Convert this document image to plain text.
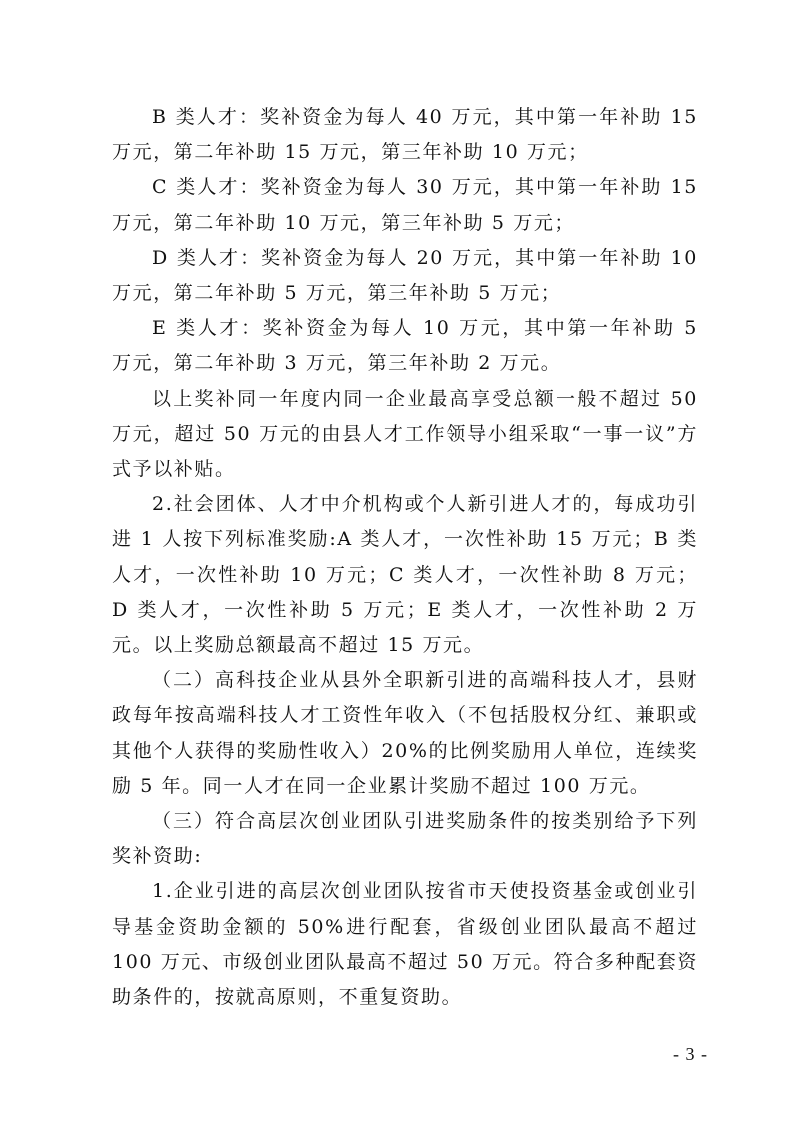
B 类人才：奖补资金为每人 40 万元，其中第一年补助 15 万元，第二年补助 15 万元，第三年补助 10 万元；

C 类人才：奖补资金为每人 30 万元，其中第一年补助 15 万元，第二年补助 10 万元，第三年补助 5 万元；

D 类人才：奖补资金为每人 20 万元，其中第一年补助 10 万元，第二年补助 5 万元，第三年补助 5 万元；

E 类人才：奖补资金为每人 10 万元，其中第一年补助 5 万元，第二年补助 3 万元，第三年补助 2 万元。

以上奖补同一年度内同一企业最高享受总额一般不超过 50 万元，超过 50 万元的由县人才工作领导小组采取“一事一议”方式予以补贴。

2.社会团体、人才中介机构或个人新引进人才的，每成功引进 1 人按下列标准奖励:A 类人才，一次性补助 15 万元；B 类人才，一次性补助 10 万元；C 类人才，一次性补助 8 万元；D 类人才，一次性补助 5 万元；E 类人才，一次性补助 2 万元。以上奖励总额最高不超过 15 万元。

（二）高科技企业从县外全职新引进的高端科技人才，县财政每年按高端科技人才工资性年收入（不包括股权分红、兼职或其他个人获得的奖励性收入）20%的比例奖励用人单位，连续奖励 5 年。同一人才在同一企业累计奖励不超过 100 万元。

（三）符合高层次创业团队引进奖励条件的按类别给予下列奖补资助:

1.企业引进的高层次创业团队按省市天使投资基金或创业引导基金资助金额的 50%进行配套，省级创业团队最高不超过 100 万元、市级创业团队最高不超过 50 万元。符合多种配套资助条件的，按就高原则，不重复资助。

- 3 -
